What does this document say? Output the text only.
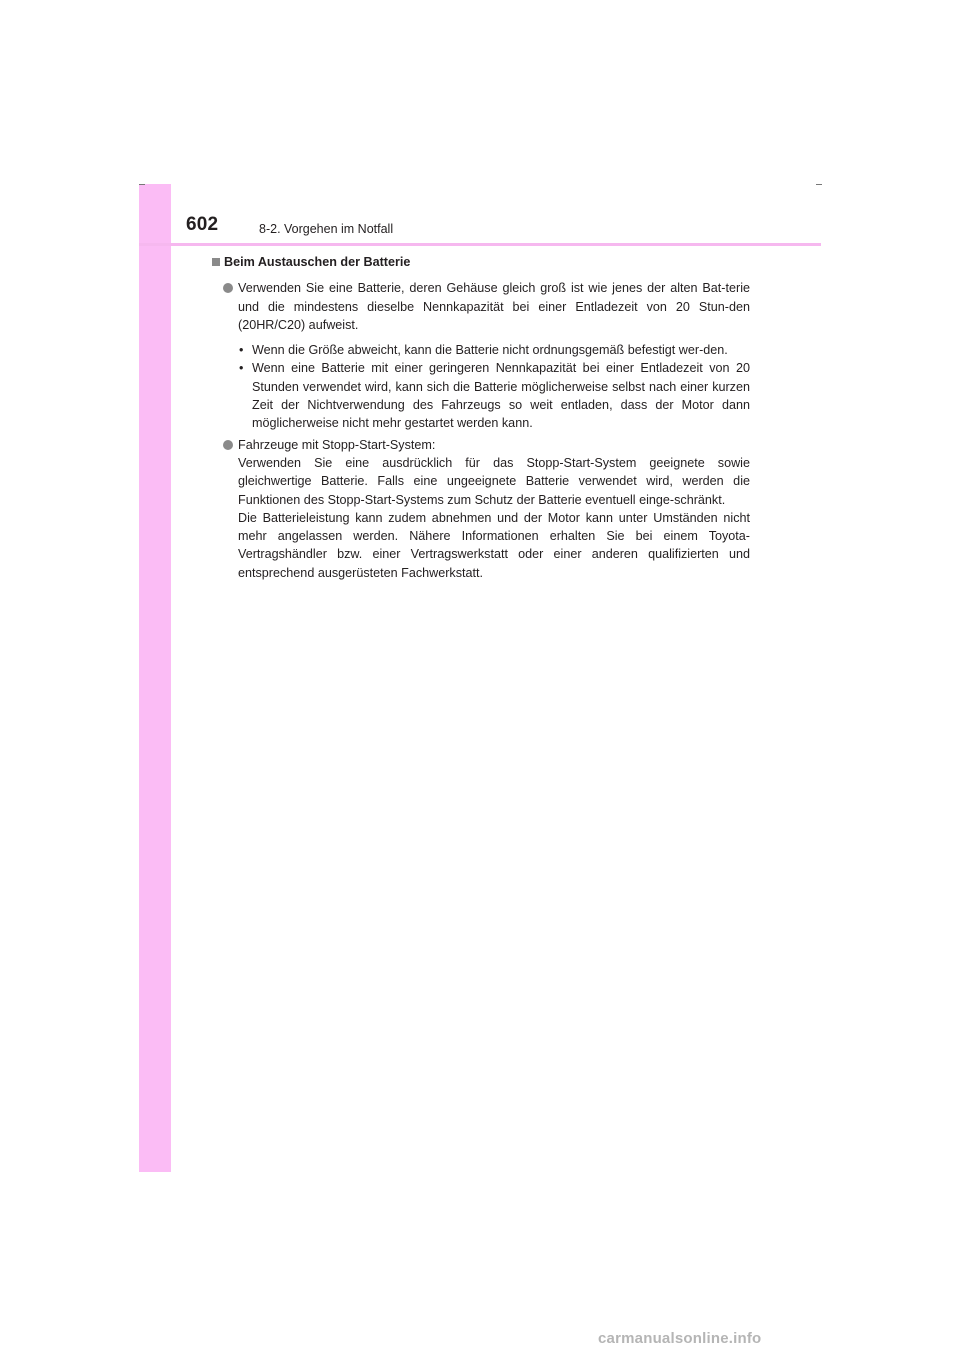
602	8-2. Vorgehen im Notfall
Beim Austauschen der Batterie
Verwenden Sie eine Batterie, deren Gehäuse gleich groß ist wie jenes der alten Bat-terie und die mindestens dieselbe Nennkapazität bei einer Entladezeit von 20 Stun-den (20HR/C20) aufweist.
• Wenn die Größe abweicht, kann die Batterie nicht ordnungsgemäß befestigt wer-den.
• Wenn eine Batterie mit einer geringeren Nennkapazität bei einer Entladezeit von 20 Stunden verwendet wird, kann sich die Batterie möglicherweise selbst nach einer kurzen Zeit der Nichtverwendung des Fahrzeugs so weit entladen, dass der Motor dann möglicherweise nicht mehr gestartet werden kann.

Fahrzeuge mit Stopp-Start-System:

Verwenden Sie eine ausdrücklich für das Stopp-Start-System geeignete sowie gleichwertige Batterie. Falls eine ungeeignete Batterie verwendet wird, werden die Funktionen des Stopp-Start-Systems zum Schutz der Batterie eventuell einge-schränkt.

Die Batterieleistung kann zudem abnehmen und der Motor kann unter Umständen nicht mehr angelassen werden. Nähere Informationen erhalten Sie bei einem Toyota-Vertragshändler bzw. einer Vertragswerkstatt oder einer anderen qualifizierten und entsprechend ausgerüsteten Fachwerkstatt.

carmanualsonline.info
